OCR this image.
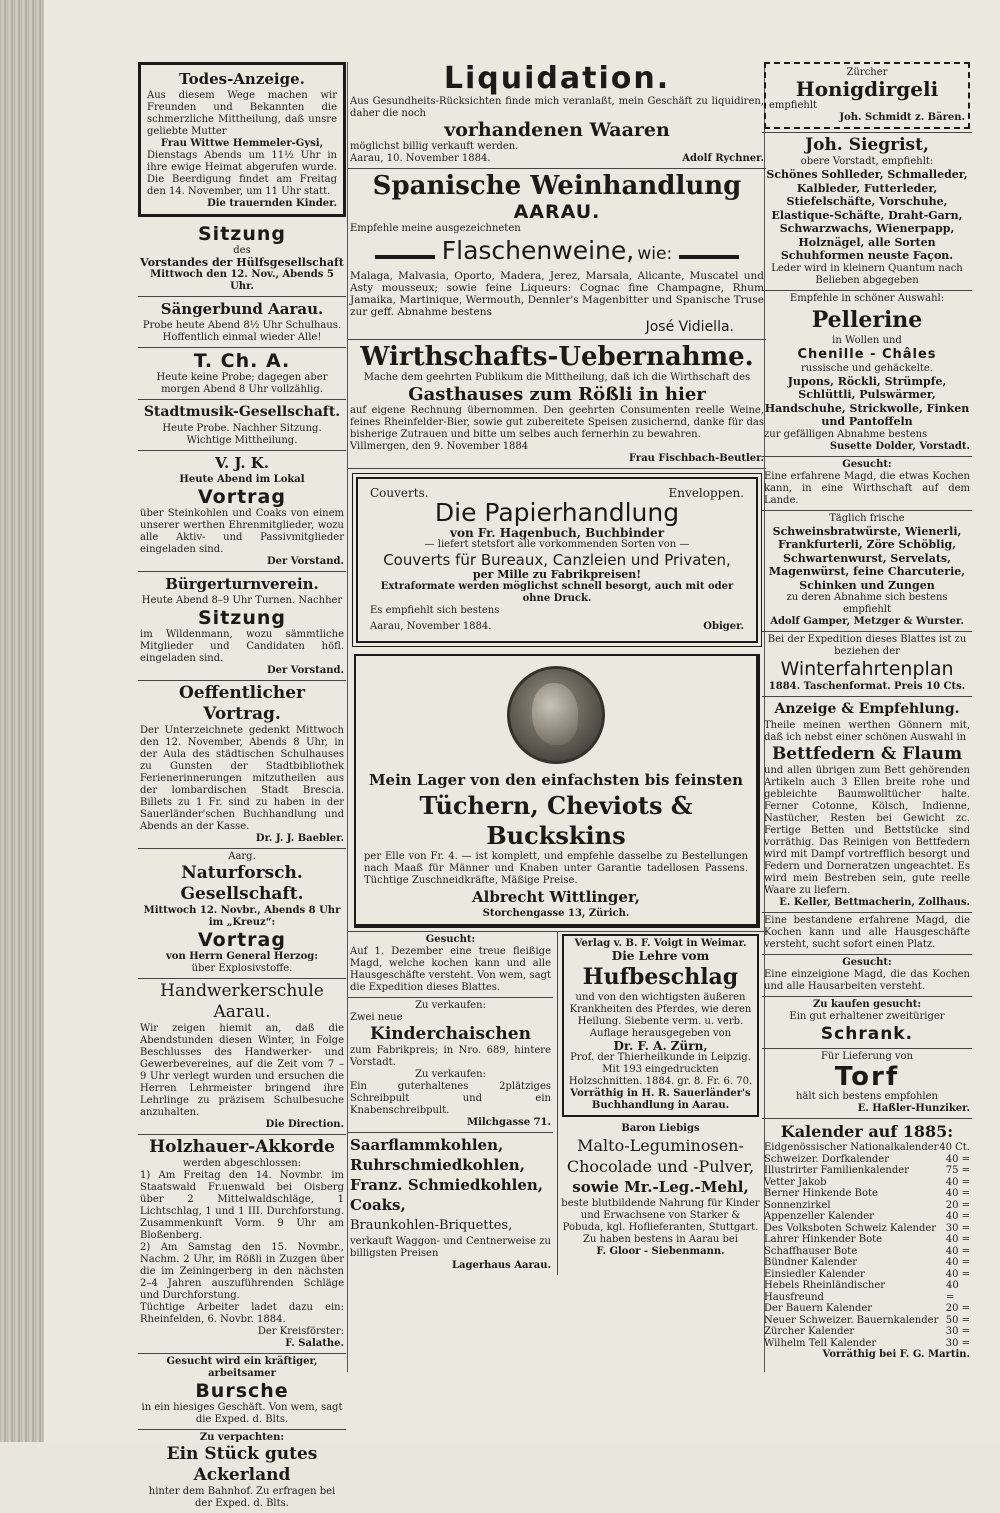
Todes-Anzeige.

Aus diesem Wege machen wir Freunden und Bekannten die schmerzliche Mittheilung, daß unsre geliebte Mutter

Frau Wittwe Hemmeler-Gysi,

Dienstags Abends um 11½ Uhr in ihre ewige Heimat abgerufen wurde. Die Beerdigung findet am Freitag den 14. November, um 11 Uhr statt.

Die trauernden Kinder.

Sitzung

des

Vorstandes der Hülfsgesellschaft

Mittwoch den 12. Nov., Abends 5 Uhr.

Sängerbund Aarau.

Probe heute Abend 8½ Uhr Schulhaus. Hoffentlich einmal wieder Alle!

T. Ch. A.

Heute keine Probe; dagegen aber morgen Abend 8 Uhr vollzählig.

Stadtmusik-Gesellschaft.

Heute Probe. Nachher Sitzung. Wichtige Mittheilung.

V. J. K.

Heute Abend im Lokal

Vortrag

über Steinkohlen und Coaks von einem unserer werthen Ehrenmitglieder, wozu alle Aktiv- und Passivmitglieder eingeladen sind.

Der Vorstand.

Bürgerturnverein.

Heute Abend 8–9 Uhr Turnen. Nachher

Sitzung

im Wildenmann, wozu sämmtliche Mitglieder und Candidaten höfl. eingeladen sind.

Der Vorstand.

Oeffentlicher Vortrag.

Der Unterzeichnete gedenkt Mittwoch den 12. November, Abends 8 Uhr, in der Aula des städtischen Schulhauses zu Gunsten der Stadtbibliothek Ferienerinnerungen mitzutheilen aus der lombardischen Stadt Brescia. Billets zu 1 Fr. sind zu haben in der Sauerländer'schen Buchhandlung und Abends an der Kasse.

Dr. J. J. Baebler.

Aarg.

Naturforsch. Gesellschaft.

Mittwoch 12. Novbr., Abends 8 Uhr im „Kreuz“:

Vortrag

von Herrn General Herzog:

über Explosivstoffe.

Handwerkerschule Aarau.

Wir zeigen hiemit an, daß die Abendstunden diesen Winter, in Folge Beschlusses des Handwerker- und Gewerbevereines, auf die Zeit vom 7 – 9 Uhr verlegt wurden und ersuchen die Herren Lehrmeister bringend ihre Lehrlinge zu präzisem Schulbesuche anzuhalten.

Die Direction.

Holzhauer-Akkorde

werden abgeschlossen:

1) Am Freitag den 14. Novmbr. im Staatswald Fr.uenwald bei Oisberg über 2 Mittelwaldschläge, 1 Lichtschlag, 1 und 1 III. Durchforstung. Zusammenkunft Vorm. 9 Uhr am Bloßenberg.

2) Am Samstag den 15. Novmbr., Nachm. 2 Uhr, im Rößli in Zuzgen über die im Zeiningerberg in den nächsten 2–4 Jahren auszuführenden Schläge und Durchforstung.

Tüchtige Arbeiter ladet dazu ein: Rheinfelden, 6. Novbr. 1884.

Der Kreisförster:

F. Salathe.

Gesucht wird ein kräftiger, arbeitsamer

Bursche

in ein hiesiges Geschäft. Von wem, sagt die Exped. d. Blts.

Zu verpachten:

Ein Stück gutes Ackerland

hinter dem Bahnhof. Zu erfragen bei der Exped. d. Blts.

Liquidation.

Aus Gesundheits-Rücksichten finde mich veranlaßt, mein Geschäft zu liquidiren, daher die noch

vorhandenen Waaren

möglichst billig verkauft werden.

Aarau, 10. November 1884.	Adolf Rychner.

Spanische Weinhandlung

AARAU.

Empfehle meine ausgezeichneten

Flaschenweine, wie:

Malaga, Malvasia, Oporto, Madera, Jerez, Marsala, Alicante, Muscatel und Asty mousseux; sowie feine Liqueurs: Cognac fine Champagne, Rhum Jamaika, Martinique, Wermouth, Dennler's Magenbitter und Spanische Truse zur geff. Abnahme bestens

José Vidiella.

Wirthschafts-Uebernahme.

Mache dem geehrten Publikum die Mittheilung, daß ich die Wirthschaft des

Gasthauses zum Rößli in hier

auf eigene Rechnung übernommen. Den geehrten Consumenten reelle Weine, feines Rheinfelder-Bier, sowie gut zubereitete Speisen zusichernd, danke für das bisherige Zutrauen und bitte um selbes auch fernerhin zu bewahren.

Villmergen, den 9. November 1884

Frau Fischbach-Beutler.

Couverts.	Enveloppen.

Die Papierhandlung

von Fr. Hagenbuch, Buchbinder

— liefert stetsfort alle vorkommenden Sorten von —

Couverts für Bureaux, Canzleien und Privaten,

per Mille zu Fabrikpreisen!

Extraformate werden möglichst schnell besorgt, auch mit oder ohne Druck.

Es empfiehlt sich bestens

Aarau, November 1884.	Obiger.

Mein Lager von den einfachsten bis feinsten

Tüchern, Cheviots & Buckskins

per Elle von Fr. 4. — ist komplett, und empfehle dasselbe zu Bestellungen nach Maaß für Männer und Knaben unter Garantie tadellosen Passens. Tüchtige Zuschneidkräfte, Mäßige Preise.

Albrecht Wittlinger,

Storchengasse 13, Zürich.

Gesucht:

Auf 1. Dezember eine treue fleißige Magd, welche kochen kann und alle Hausgeschäfte versteht. Von wem, sagt die Expedition dieses Blattes.

Zu verkaufen:

Zwei neue

Kinderchaischen

zum Fabrikpreis; in Nro. 689, hintere Vorstadt.

Zu verkaufen:

Ein guterhaltenes 2plätziges Schreibpult und ein Knabenschreibpult.

Milchgasse 71.

Saarflammkohlen,

Ruhrschmiedkohlen,

Franz. Schmiedkohlen,

Coaks,

Braunkohlen-Briquettes,

verkauft Waggon- und Centnerweise zu billigsten Preisen

Lagerhaus Aarau.

Verlag v. B. F. Voigt in Weimar.

Die Lehre vom

Hufbeschlag

und von den wichtigsten äußeren Krankheiten des Pferdes, wie deren Heilung. Siebente verm. u. verb. Auflage herausgegeben von

Dr. F. A. Zürn,

Prof. der Thierheilkunde in Leipzig. Mit 193 eingedruckten Holzschnitten. 1884. gr. 8. Fr. 6. 70.

Vorräthig in H. R. Sauerländer's Buchhandlung in Aarau.

Baron Liebigs

Malto-Leguminosen-Chocolade und -Pulver,

sowie Mr.-Leg.-Mehl,

beste blutbildende Nahrung für Kinder und Erwachsene von Starker & Pobuda, kgl. Hoflieferanten, Stuttgart. Zu haben bestens in Aarau bei

F. Gloor - Siebenmann.

Zürcher

Honigdirgeli

empfiehlt

Joh. Schmidt z. Bären.

Joh. Siegrist,

obere Vorstadt, empfiehlt:

Schönes Sohlleder, Schmalleder, Kalbleder, Futterleder, Stiefelschäfte, Vorschuhe, Elastique-Schäfte, Draht-Garn, Schwarzwachs, Wienerpapp, Holznägel, alle Sorten Schuhformen neuste Façon.

Leder wird in kleinern Quantum nach Belieben abgegeben

Empfehle in schöner Auswahl:

Pellerine

in Wollen und

Chenille - Châles

russische und gehäckelte.

Jupons, Röckli, Strümpfe, Schlüttli, Pulswärmer, Handschuhe, Strickwolle, Finken und Pantoffeln

zur gefälligen Abnahme bestens

Susette Dolder, Vorstadt.

Gesucht:

Eine erfahrene Magd, die etwas Kochen kann, in eine Wirthschaft auf dem Lande.

Täglich frische

Schweinsbratwürste, Wienerli, Frankfurterli, Zöre Schöblig, Schwartenwurst, Servelats, Magenwürst, feine Charcuterie, Schinken und Zungen

zu deren Abnahme sich bestens empfiehlt

Adolf Gamper, Metzger & Wurster.

Bei der Expedition dieses Blattes ist zu beziehen der

Winterfahrtenplan

1884. Taschenformat. Preis 10 Cts.

Anzeige & Empfehlung.

Theile meinen werthen Gönnern mit, daß ich nebst einer schönen Auswahl in

Bettfedern & Flaum

und allen übrigen zum Bett gehörenden Artikeln auch 3 Ellen breite rohe und gebleichte Baumwolltücher halte. Ferner Cotonne, Kölsch, Indienne, Nastücher, Resten bei Gewicht zc. Fertige Betten und Bettstücke sind vorräthig. Das Reinigen von Bettfedern wird mit Dampf vortrefflich besorgt und Federn und Dorneratzen ungeachtet. Es wird mein Bestreben sein, gute reelle Waare zu liefern.

E. Keller, Bettmacherin, Zollhaus.

Eine bestandene erfahrene Magd, die Kochen kann und alle Hausgeschäfte versteht, sucht sofort einen Platz.

Gesucht:

Eine einzeigione Magd, die das Kochen und alle Hausarbeiten versteht.

Zu kaufen gesucht:

Ein gut erhaltener zweitüriger

Schrank.

Für Lieferung von

Torf

hält sich bestens empfohlen

E. Haßler-Hunziker.

Kalender auf 1885:

Eidgenössischer Nationalkalender 40 Ct.
Schweizer. Dorfkalender	40 =
Illustrirter Familienkalender	75 =
Vetter Jakob	40 =
Berner Hinkende Bote	40 =
Sonnenzirkel	20 =
Appenzeller Kalender	40 =
Des Volksboten Schweiz Kalender 30 =
Lahrer Hinkender Bote	40 =
Schaffhauser Bote	40 =
Bündner Kalender	40 =
Einsiedler Kalender	40 =
Hebels Rheinländischer Hausfreund
40 =
Der Bauern Kalender	20 =
Neuer Schweizer. Bauernkalender 50 =
Zürcher Kalender	30 =
Wilhelm Tell Kalender	30 =

Vorräthig bei F. G. Martin.
